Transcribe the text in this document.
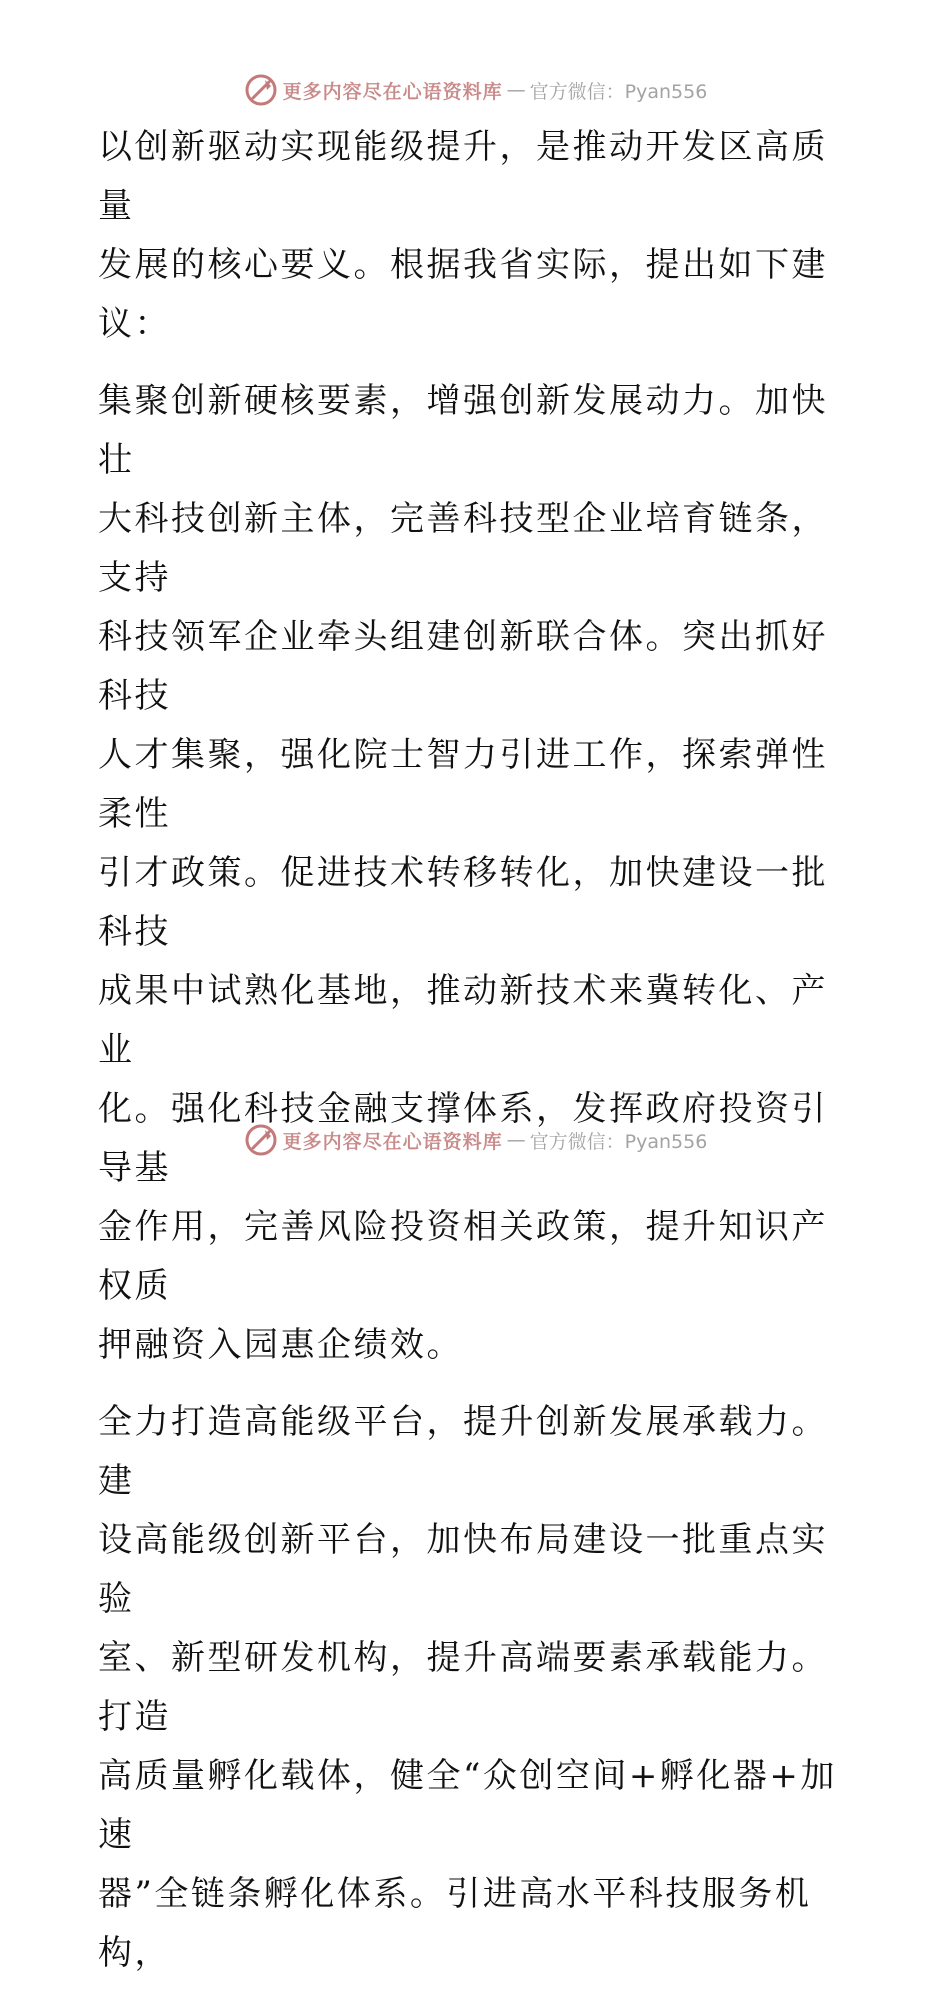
更多内容尽在心语资料库 — 官方微信：Pyan556

以创新驱动实现能级提升，是推动开发区高质量
发展的核心要义。根据我省实际，提出如下建议：

集聚创新硬核要素，增强创新发展动力。加快壮
大科技创新主体，完善科技型企业培育链条，支持
科技领军企业牵头组建创新联合体。突出抓好科技
人才集聚，强化院士智力引进工作，探索弹性柔性
引才政策。促进技术转移转化，加快建设一批科技
成果中试熟化基地，推动新技术来冀转化、产业
化。强化科技金融支撑体系，发挥政府投资引导基
金作用，完善风险投资相关政策，提升知识产权质
押融资入园惠企绩效。

全力打造高能级平台，提升创新发展承载力。建
设高能级创新平台，加快布局建设一批重点实验
室、新型研发机构，提升高端要素承载能力。打造
高质量孵化载体，健全“众创空间+孵化器+加速
器”全链条孵化体系。引进高水平科技服务机构，

更多内容尽在心语资料库 — 官方微信：Pyan556
